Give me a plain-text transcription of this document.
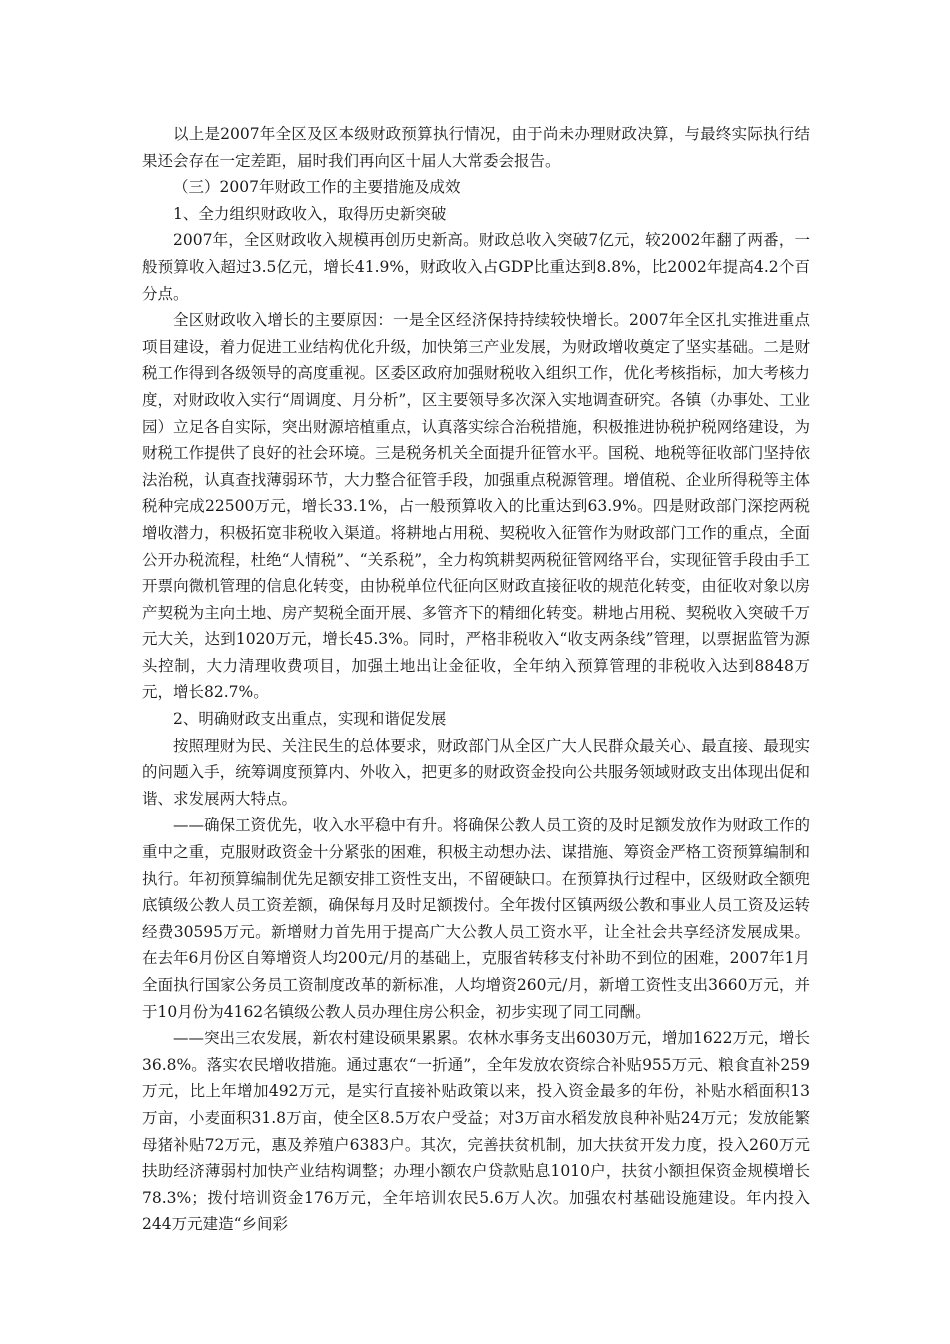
以上是2007年全区及区本级财政预算执行情况，由于尚未办理财政决算，与最终实际执行结果还会存在一定差距，届时我们再向区十届人大常委会报告。

（三）2007年财政工作的主要措施及成效

1、全力组织财政收入，取得历史新突破

2007年，全区财政收入规模再创历史新高。财政总收入突破7亿元，较2002年翻了两番，一般预算收入超过3.5亿元，增长41.9%，财政收入占GDP比重达到8.8%，比2002年提高4.2个百分点。

全区财政收入增长的主要原因：一是全区经济保持持续较快增长。2007年全区扎实推进重点项目建设，着力促进工业结构优化升级，加快第三产业发展，为财政增收奠定了坚实基础。二是财税工作得到各级领导的高度重视。区委区政府加强财税收入组织工作，优化考核指标，加大考核力度，对财政收入实行“周调度、月分析”，区主要领导多次深入实地调查研究。各镇（办事处、工业园）立足各自实际，突出财源培植重点，认真落实综合治税措施，积极推进协税护税网络建设，为财税工作提供了良好的社会环境。三是税务机关全面提升征管水平。国税、地税等征收部门坚持依法治税，认真查找薄弱环节，大力整合征管手段，加强重点税源管理。增值税、企业所得税等主体税种完成22500万元，增长33.1%，占一般预算收入的比重达到63.9%。四是财政部门深挖两税增收潜力，积极拓宽非税收入渠道。将耕地占用税、契税收入征管作为财政部门工作的重点，全面公开办税流程，杜绝“人情税”、“关系税”，全力构筑耕契两税征管网络平台，实现征管手段由手工开票向微机管理的信息化转变，由协税单位代征向区财政直接征收的规范化转变，由征收对象以房产契税为主向土地、房产契税全面开展、多管齐下的精细化转变。耕地占用税、契税收入突破千万元大关，达到1020万元，增长45.3%。同时，严格非税收入“收支两条线”管理，以票据监管为源头控制，大力清理收费项目，加强土地出让金征收，全年纳入预算管理的非税收入达到8848万元，增长82.7%。

2、明确财政支出重点，实现和谐促发展

按照理财为民、关注民生的总体要求，财政部门从全区广大人民群众最关心、最直接、最现实的问题入手，统筹调度预算内、外收入，把更多的财政资金投向公共服务领域财政支出体现出促和谐、求发展两大特点。

——确保工资优先，收入水平稳中有升。将确保公教人员工资的及时足额发放作为财政工作的重中之重，克服财政资金十分紧张的困难，积极主动想办法、谋措施、筹资金严格工资预算编制和执行。年初预算编制优先足额安排工资性支出，不留硬缺口。在预算执行过程中，区级财政全额兜底镇级公教人员工资差额，确保每月及时足额拨付。全年拨付区镇两级公教和事业人员工资及运转经费30595万元。新增财力首先用于提高广大公教人员工资水平，让全社会共享经济发展成果。在去年6月份区自筹增资人均200元/月的基础上，克服省转移支付补助不到位的困难，2007年1月全面执行国家公务员工资制度改革的新标准，人均增资260元/月，新增工资性支出3660万元，并于10月份为4162名镇级公教人员办理住房公积金，初步实现了同工同酬。

——突出三农发展，新农村建设硕果累累。农林水事务支出6030万元，增加1622万元，增长36.8%。落实农民增收措施。通过惠农“一折通”，全年发放农资综合补贴955万元、粮食直补259万元，比上年增加492万元，是实行直接补贴政策以来，投入资金最多的年份，补贴水稻面积13万亩，小麦面积31.8万亩，使全区8.5万农户受益；对3万亩水稻发放良种补贴24万元；发放能繁母猪补贴72万元，惠及养殖户6383户。其次，完善扶贫机制，加大扶贫开发力度，投入260万元扶助经济薄弱村加快产业结构调整；办理小额农户贷款贴息1010户，扶贫小额担保资金规模增长78.3%；拨付培训资金176万元，全年培训农民5.6万人次。加强农村基础设施建设。年内投入244万元建造“乡间彩
